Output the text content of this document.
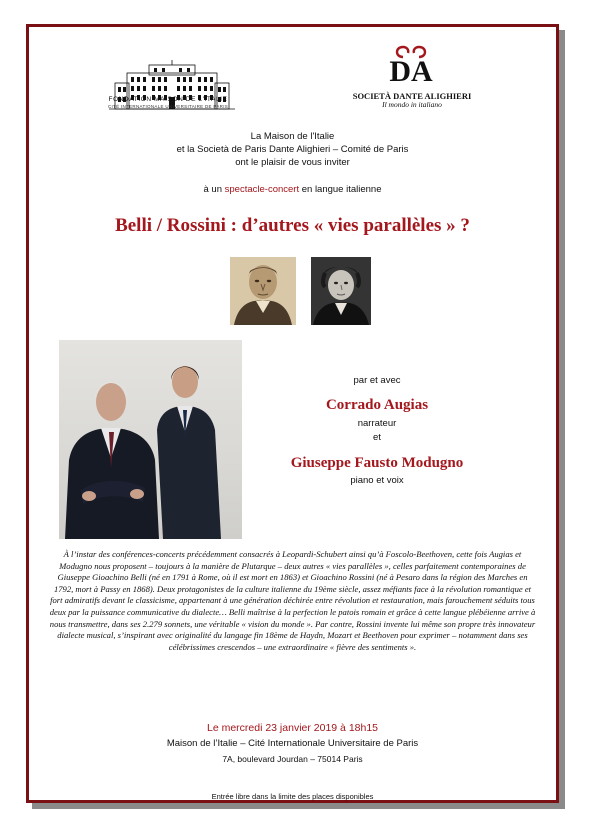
FONDATION MAISON DE L'ITALIE
CITÉ INTERNATIONALE UNIVERSITAIRE DE PARIS
DA
SOCIETÀ DANTE ALIGHIERI
Il mondo in italiano
La Maison de l'Italie
et la Società de Paris Dante Alighieri – Comité de Paris
ont le plaisir de vous inviter
à un spectacle-concert en langue italienne
Belli / Rossini : d’autres « vies parallèles » ?
par et avec
Corrado Augias
narrateur
et
Giuseppe Fausto Modugno
piano et voix
À l’instar des conférences-concerts précédemment consacrés à Leopardi-Schubert ainsi qu’à Foscolo-Beethoven, cette fois Augias et Modugno nous proposent – toujours à la manière de Plutarque – deux autres « vies parallèles », celles parfaitement contemporaines de Giuseppe Gioachino Belli (né en 1791 à Rome, où il est mort en 1863) et Gioachino Rossini (né à Pesaro dans la région des Marches en 1792, mort à Passy en 1868). Deux protagonistes de la culture italienne du 19ème siècle, assez méfiants face à la révolution romantique et fort admiratifs devant le classicisme, appartenant à une génération déchirée entre révolution et restauration, mais farouchement séduits tous deux par la puissance communicative du dialecte… Belli maîtrise à la perfection le patois romain et grâce à cette langue plébéienne arrive à nous transmettre, dans ses 2.279 sonnets, une véritable « vision du monde ». Par contre, Rossini invente lui même son propre très innovateur dialecte musical, s’inspirant avec originalité du langage fin 18ème de Haydn, Mozart et Beethoven pour exprimer – notamment dans ses célébrissimes crescendos – une extraordinaire « fièvre des sentiments ».
Le mercredi 23 janvier 2019 à 18h15
Maison de l’Italie – Cité Internationale Universitaire de Paris
7A, boulevard Jourdan – 75014 Paris
Entrée libre dans la limite des places disponibles
